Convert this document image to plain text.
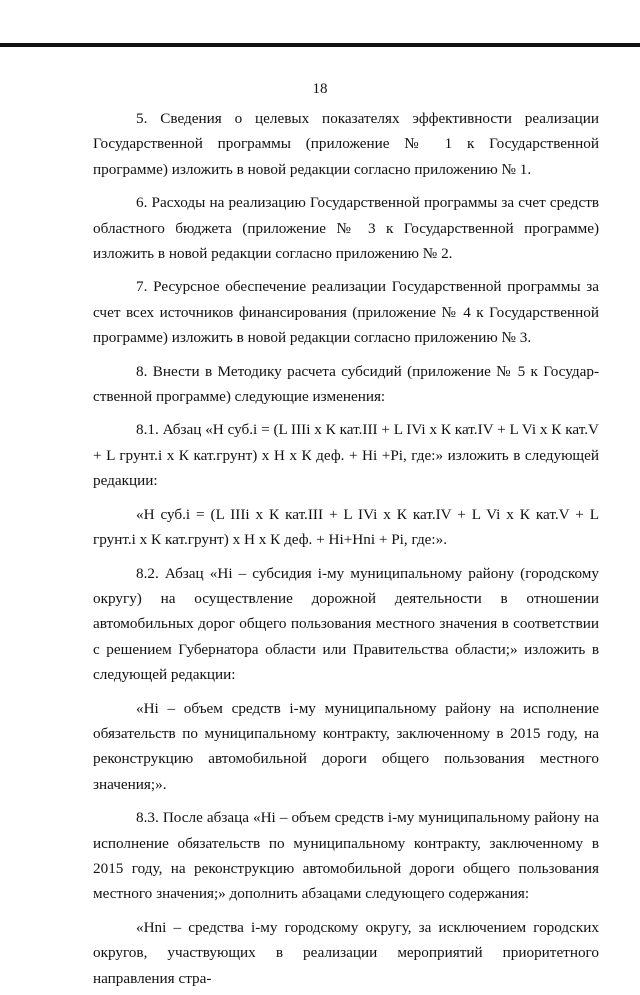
18

5. Сведения о целевых показателях эффективности реализации Государственной программы (приложение № 1 к Государственной программе) изложить в новой редакции согласно приложению № 1.

6. Расходы на реализацию Государственной программы за счет средств областного бюджета (приложение № 3 к Государственной программе) изложить в новой редакции согласно приложению № 2.

7. Ресурсное обеспечение реализации Государственной программы за счет всех источников финансирования (приложение № 4 к Государственной программе) изложить в новой редакции согласно приложению № 3.

8. Внести в Методику расчета субсидий (приложение № 5 к Государственной программе) следующие изменения:

8.1. Абзац «Н суб.i = (L IIIi х К кат.III + L IVi х К кат.IV + L Vi х К кат.V + L грунт.i х К кат.грунт) х Н х К деф. + Hi +Pi, где:» изложить в следующей редакции:

«Н суб.i = (L IIIi х К кат.III + L IVi х К кат.IV + L Vi х К кат.V + L грунт.i х К кат.грунт) х Н х К деф. + Hi+Hni + Pi, где:».

8.2. Абзац «Hi – субсидия i-му муниципальному району (городскому округу) на осуществление дорожной деятельности в отношении автомобильных дорог общего пользования местного значения в соответствии с решением Губернатора области или Правительства области;» изложить в следующей редакции:

«Hi – объем средств i-му муниципальному району на исполнение обязательств по муниципальному контракту, заключенному в 2015 году, на реконструкцию автомобильной дороги общего пользования местного значения;».

8.3. После абзаца «Hi – объем средств i-му муниципальному району на исполнение обязательств по муниципальному контракту, заключенному в 2015 году, на реконструкцию автомобильной дороги общего пользования местного значения;» дополнить абзацами следующего содержания:

«Hni – средства i-му городскому округу, за исключением городских округов, участвующих в реализации мероприятий приоритетного направления стра-
